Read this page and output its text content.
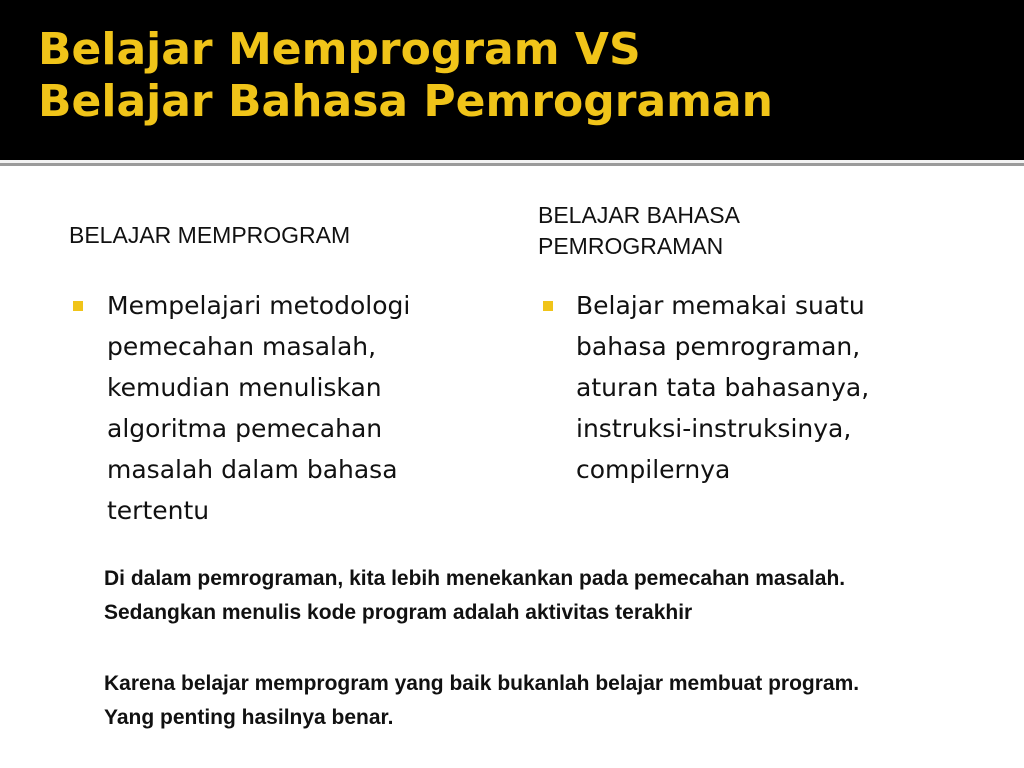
Belajar Memprogram VS
Belajar Bahasa Pemrograman

BELAJAR MEMPROGRAM

BELAJAR BAHASA
PEMROGRAMAN

Mempelajari metodologi
pemecahan masalah,
kemudian menuliskan
algoritma pemecahan
masalah dalam bahasa
tertentu
Belajar memakai suatu
bahasa pemrograman,
aturan tata bahasanya,
instruksi-instruksinya,
compilernya
Di dalam pemrograman, kita lebih menekankan pada pemecahan masalah.
Sedangkan menulis kode program adalah aktivitas terakhir
Karena belajar memprogram yang baik bukanlah belajar membuat program.
Yang penting hasilnya benar.
